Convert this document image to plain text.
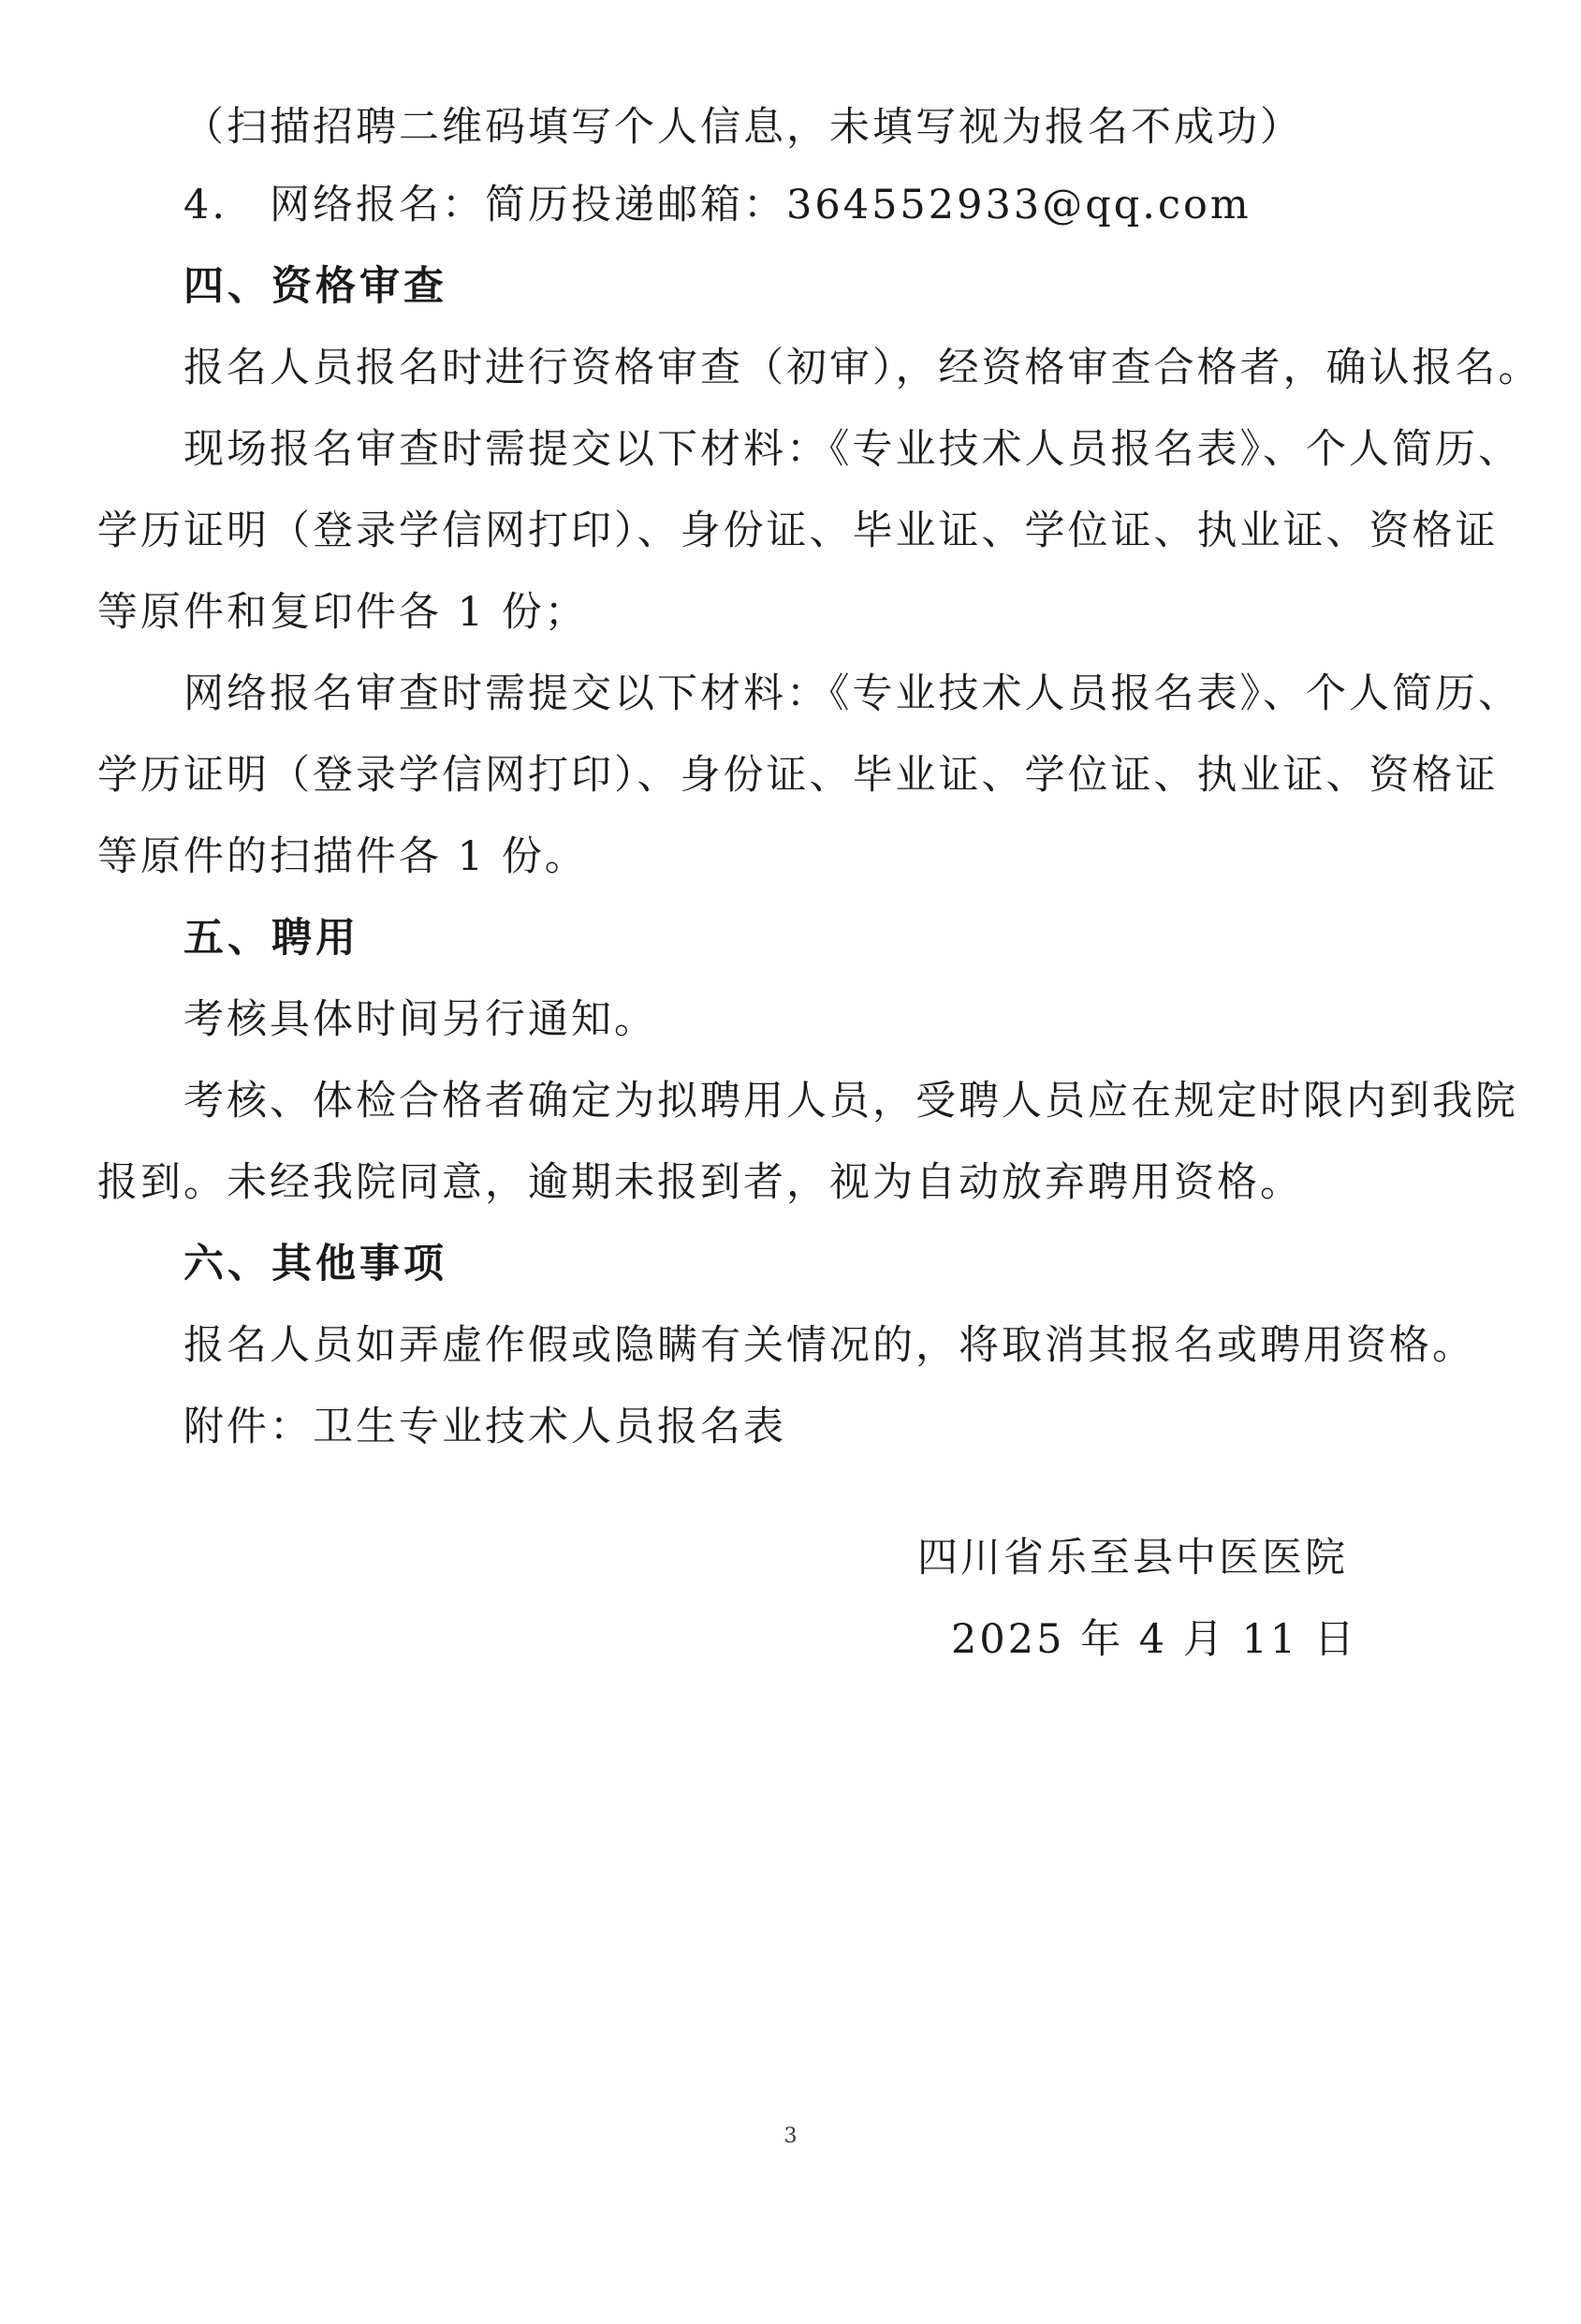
（扫描招聘二维码填写个人信息，未填写视为报名不成功）
4. 网络报名：简历投递邮箱：364552933@qq.com
四、资格审查
报名人员报名时进行资格审查（初审），经资格审查合格者，确认报名。
现场报名审查时需提交以下材料：《专业技术人员报名表》、个人简历、
学历证明（登录学信网打印）、身份证、毕业证、学位证、执业证、资格证
等原件和复印件各 1 份；
网络报名审查时需提交以下材料：《专业技术人员报名表》、个人简历、
学历证明（登录学信网打印）、身份证、毕业证、学位证、执业证、资格证
等原件的扫描件各 1 份。
五、聘用
考核具体时间另行通知。
考核、体检合格者确定为拟聘用人员，受聘人员应在规定时限内到我院
报到。未经我院同意，逾期未报到者，视为自动放弃聘用资格。
六、其他事项
报名人员如弄虚作假或隐瞒有关情况的，将取消其报名或聘用资格。
附件：卫生专业技术人员报名表
四川省乐至县中医医院
2025 年 4 月 11 日
3
